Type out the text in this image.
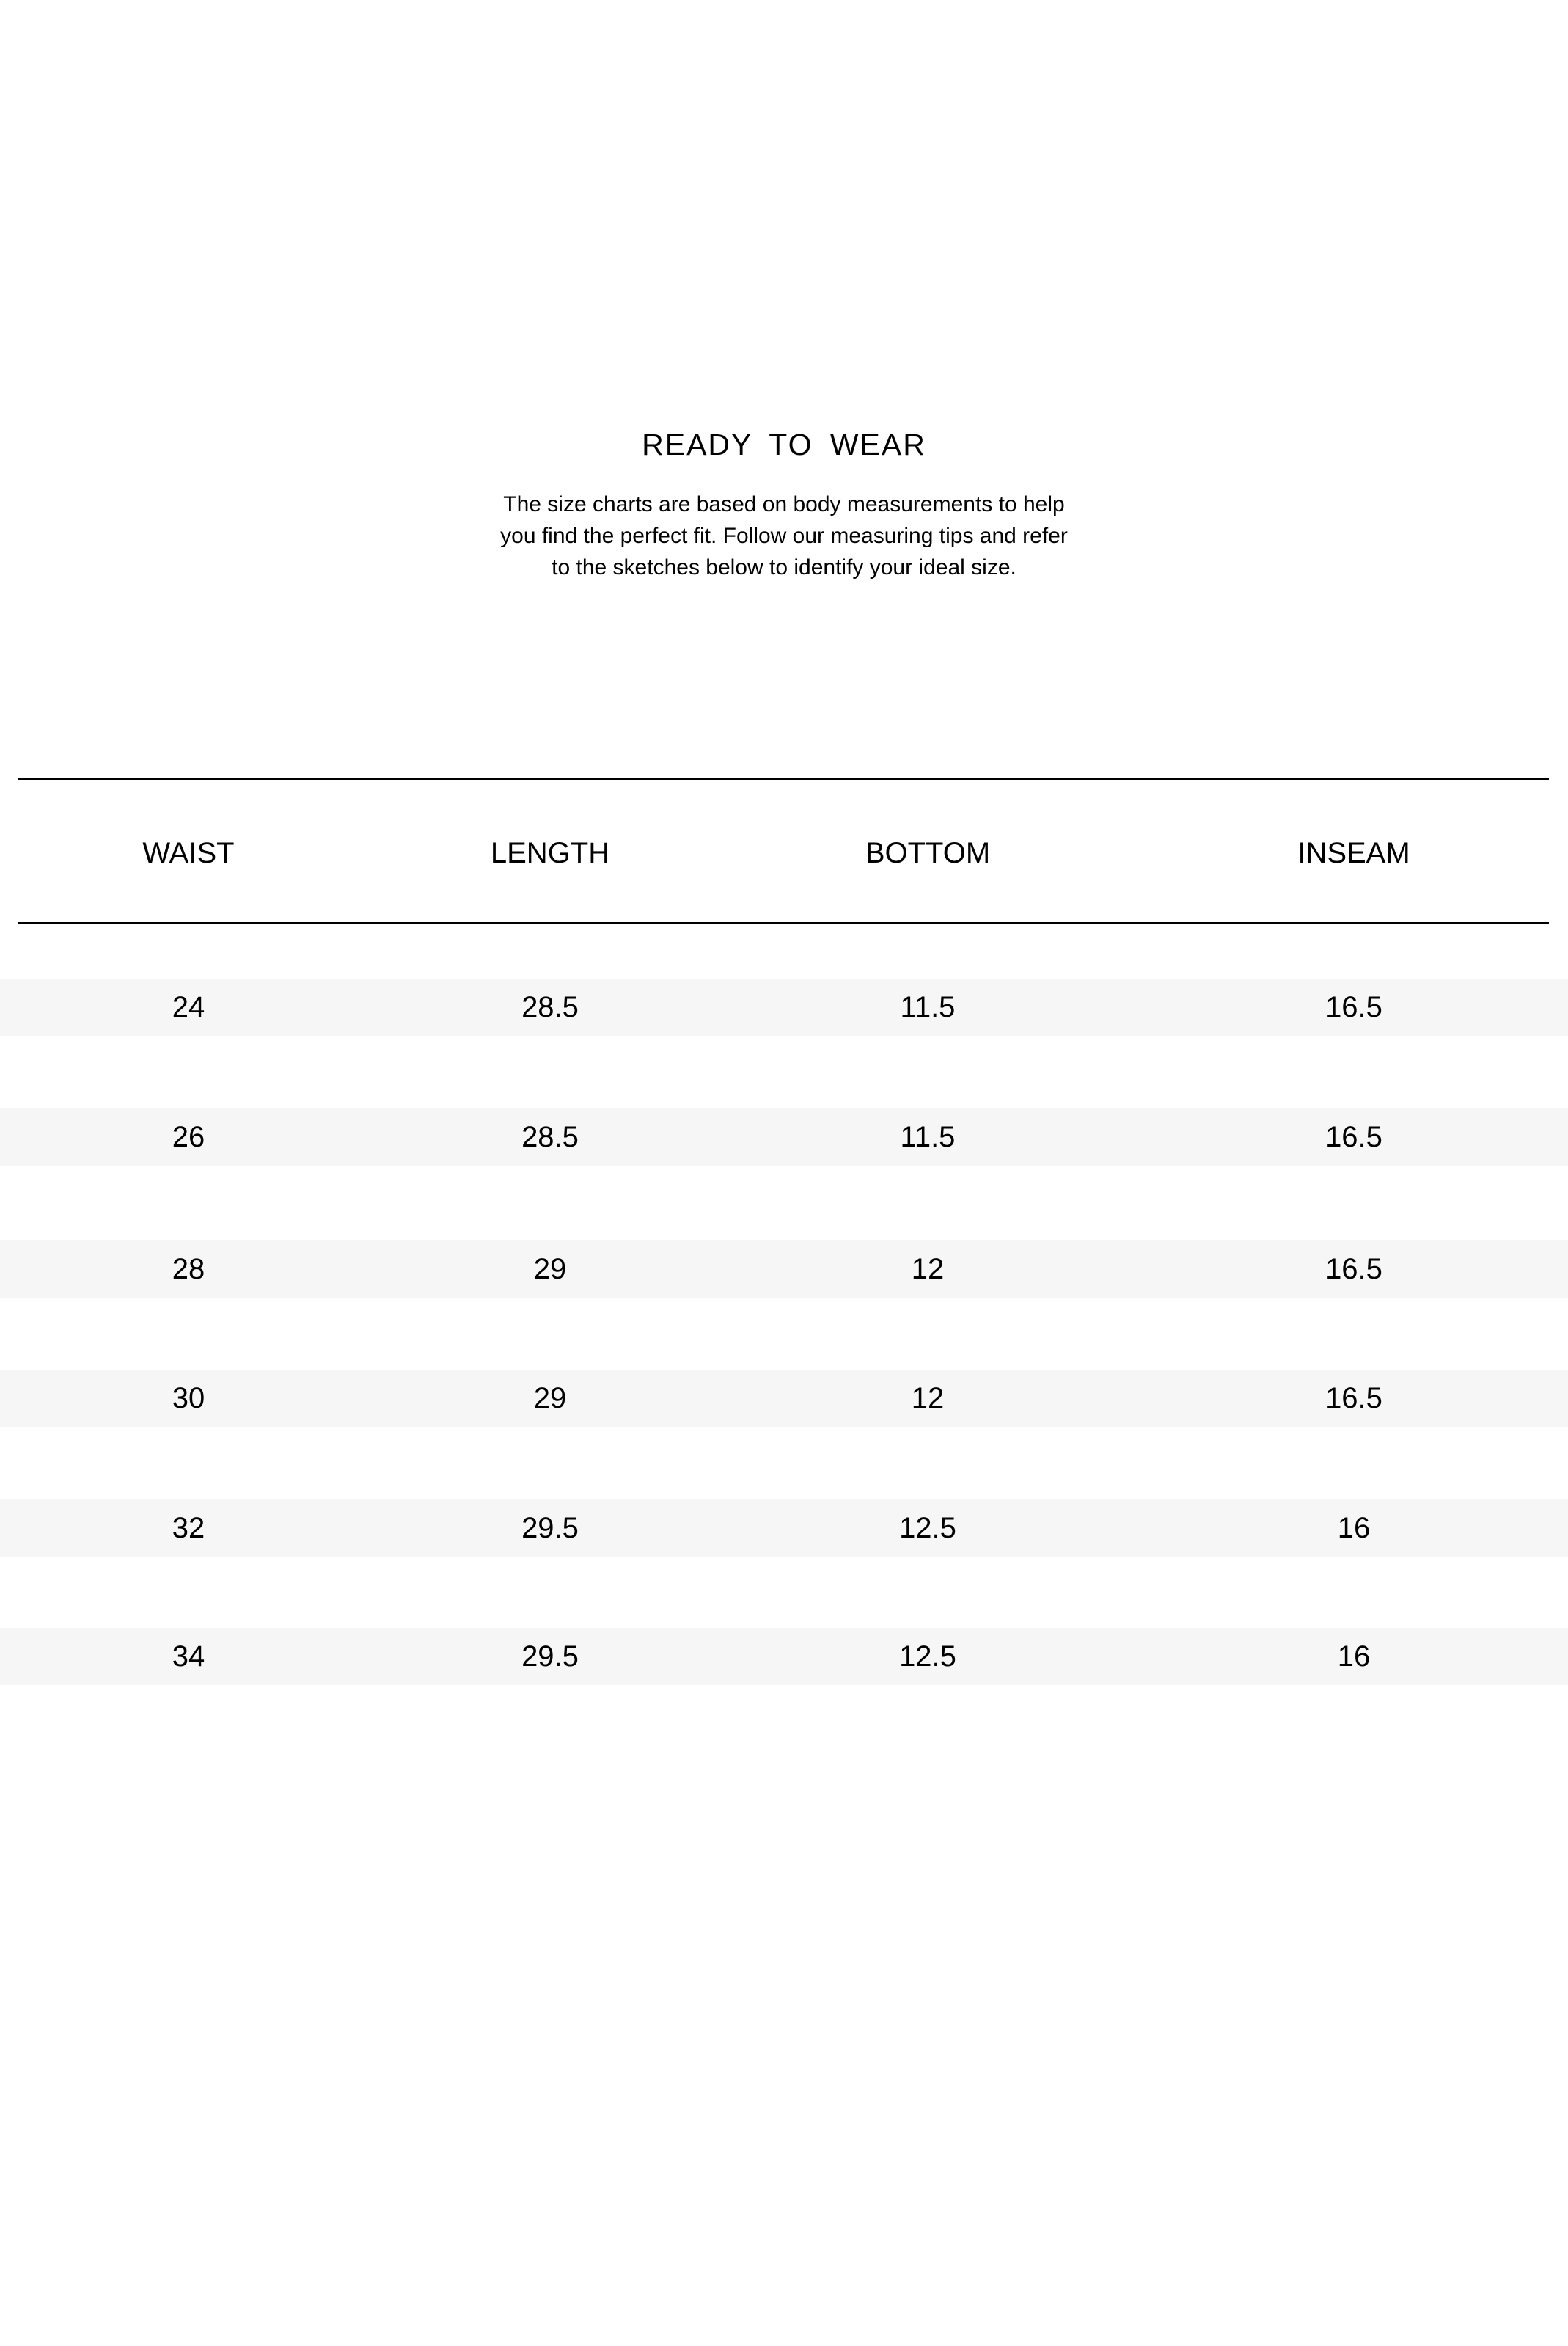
READY TO WEAR
The size charts are based on body measurements to help
you find the perfect fit. Follow our measuring tips and refer
to the sketches below to identify your ideal size.
WAIST	LENGTH	BOTTOM	INSEAM
24	28.5	11.5	16.5
26	28.5	11.5	16.5
28	29	12	16.5
30	29	12	16.5
32	29.5	12.5	16
34	29.5	12.5	16
